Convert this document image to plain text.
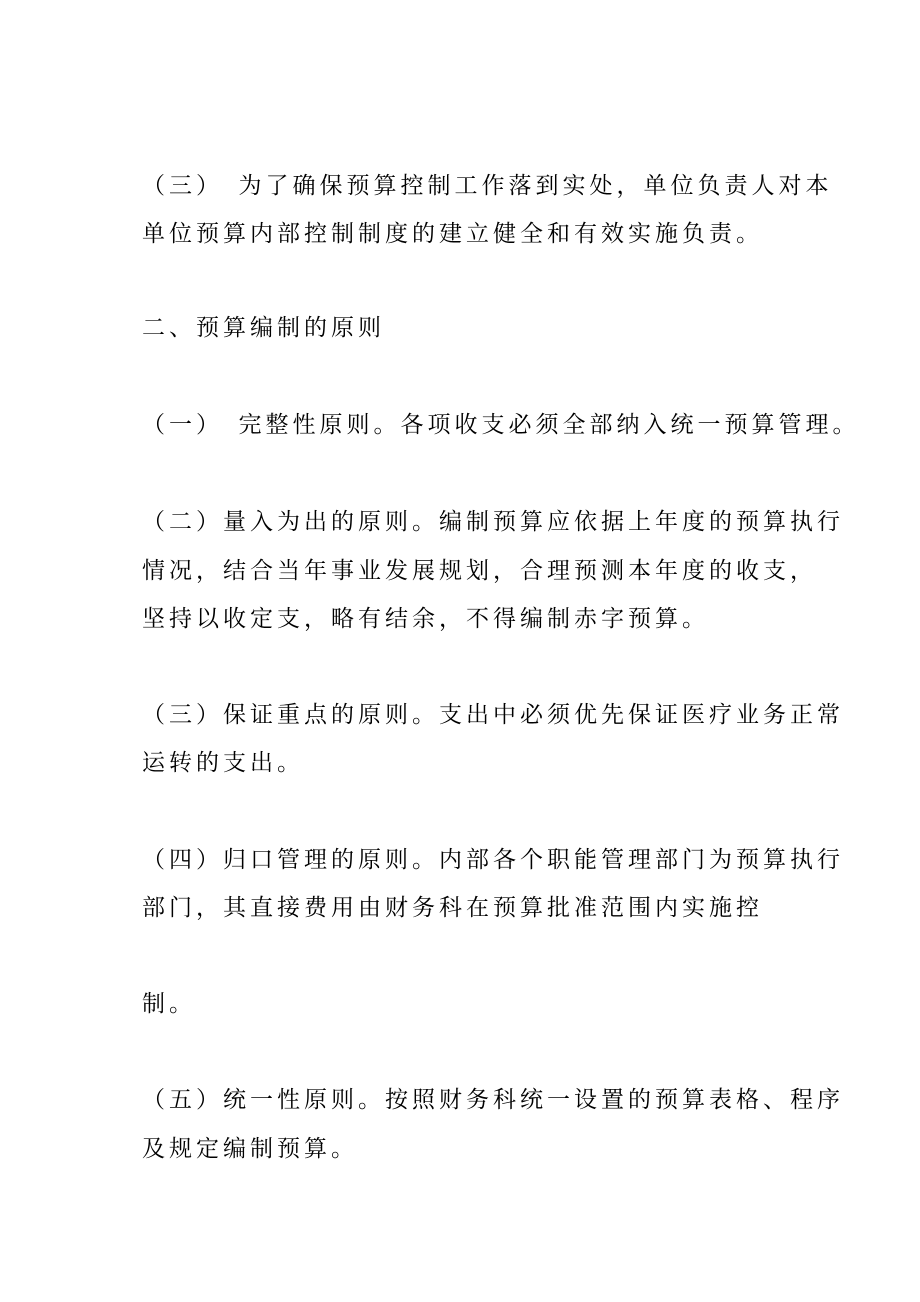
（三）　为了确保预算控制工作落到实处，单位负责人对本
单位预算内部控制制度的建立健全和有效实施负责。
二、预算编制的原则
（一）　完整性原则。各项收支必须全部纳入统一预算管理。
（二）量入为出的原则。编制预算应依据上年度的预算执行
情况，结合当年事业发展规划，合理预测本年度的收支，
坚持以收定支，略有结余，不得编制赤字预算。
（三）保证重点的原则。支出中必须优先保证医疗业务正常
运转的支出。
（四）归口管理的原则。内部各个职能管理部门为预算执行
部门，其直接费用由财务科在预算批准范围内实施控
制。
（五）统一性原则。按照财务科统一设置的预算表格、程序
及规定编制预算。
